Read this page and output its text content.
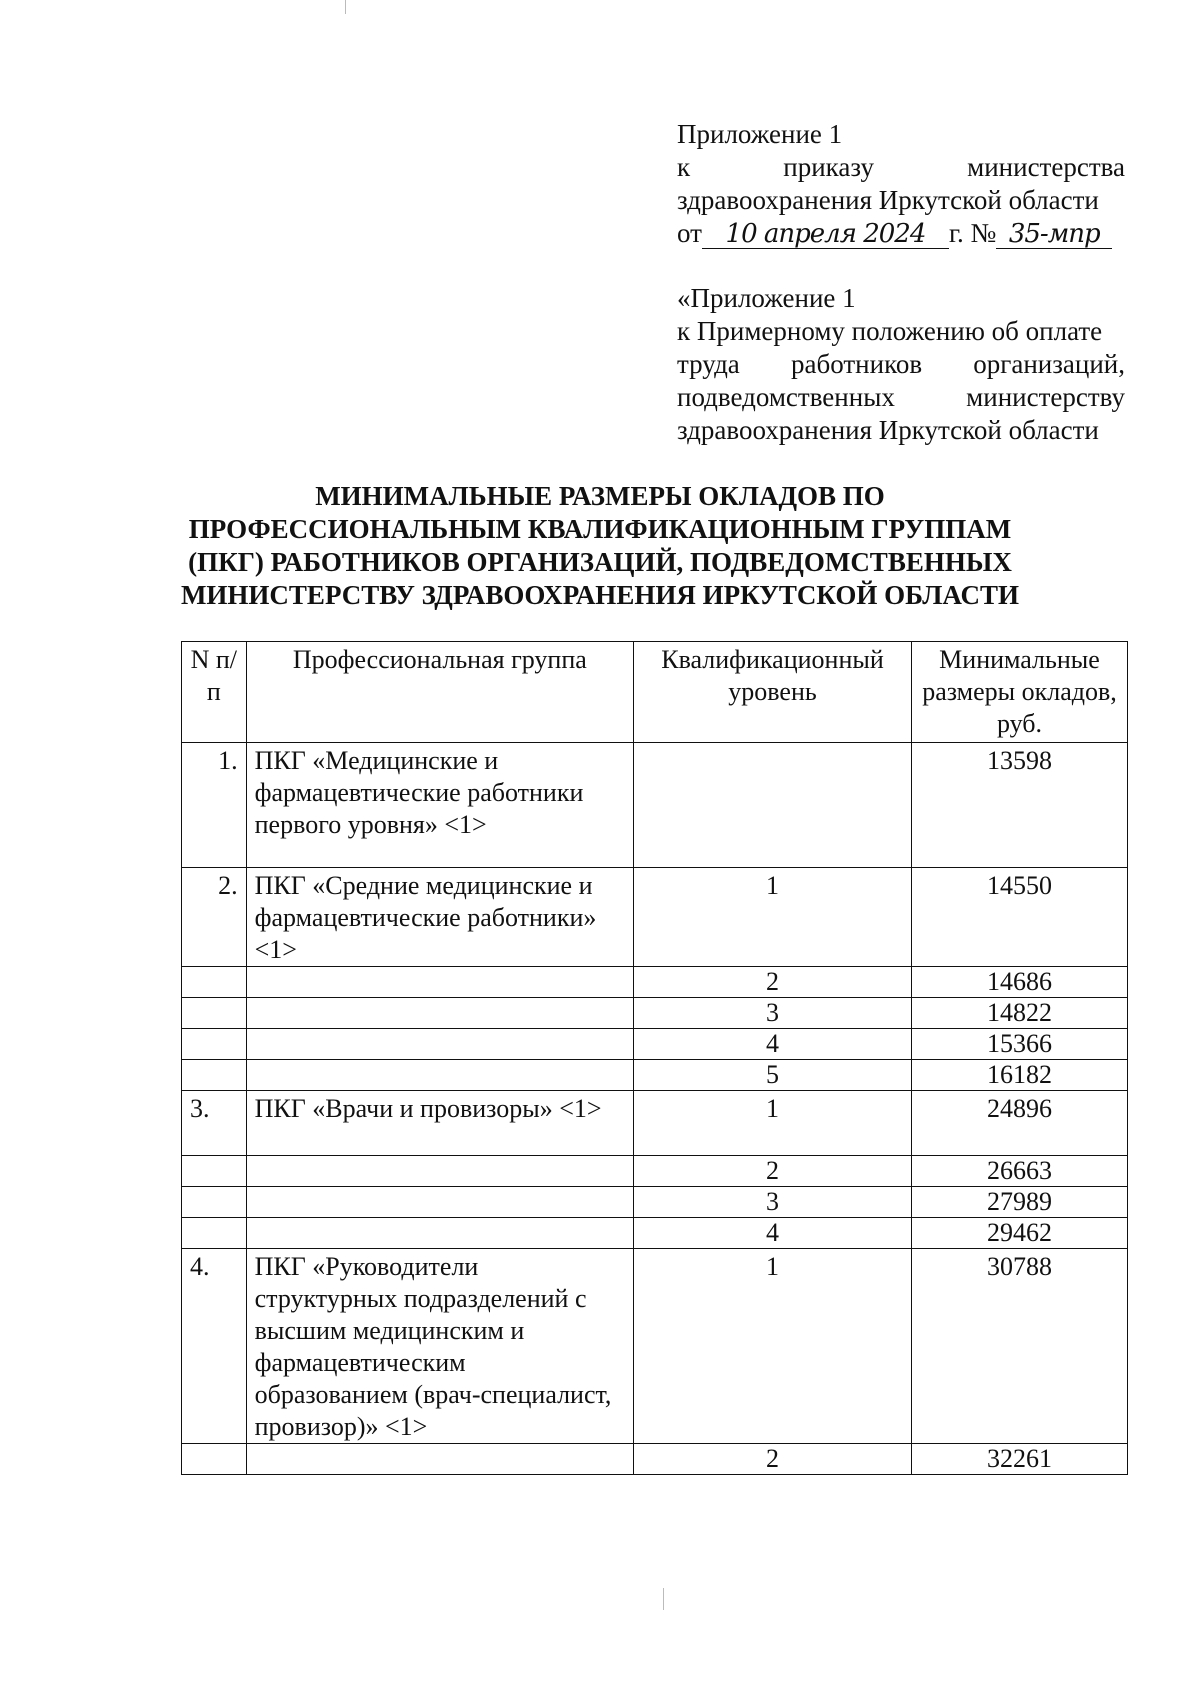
Приложение 1

к	приказу	министерства

здравоохранения Иркутской области

от 10 апреля 2024 г. № 35-мпр

«Приложение 1

к Примерному положению об оплате

труда работников организаций,

подведомственных министерству

здравоохранения Иркутской области

МИНИМАЛЬНЫЕ РАЗМЕРЫ ОКЛАДОВ ПО
ПРОФЕССИОНАЛЬНЫМ КВАЛИФИКАЦИОННЫМ ГРУППАМ
(ПКГ) РАБОТНИКОВ ОРГАНИЗАЦИЙ, ПОДВЕДОМСТВЕННЫХ
МИНИСТЕРСТВУ ЗДРАВООХРАНЕНИЯ ИРКУТСКОЙ ОБЛАСТИ
N п/п	Профессиональная группа	Квалификационный уровень	Минимальные размеры окладов, руб.
1.	ПКГ «Медицинские и фармацевтические работники первого уровня» <1>		13598
2.	ПКГ «Средние медицинские и фармацевтические работники» <1>	1	14550
		2	14686
		3	14822
		4	15366
		5	16182
3.	ПКГ «Врачи и провизоры» <1>	1	24896
		2	26663
		3	27989
		4	29462
4.	ПКГ «Руководители структурных подразделений с высшим медицинским и фармацевтическим образованием (врач-специалист, провизор)» <1>	1	30788
		2	32261
